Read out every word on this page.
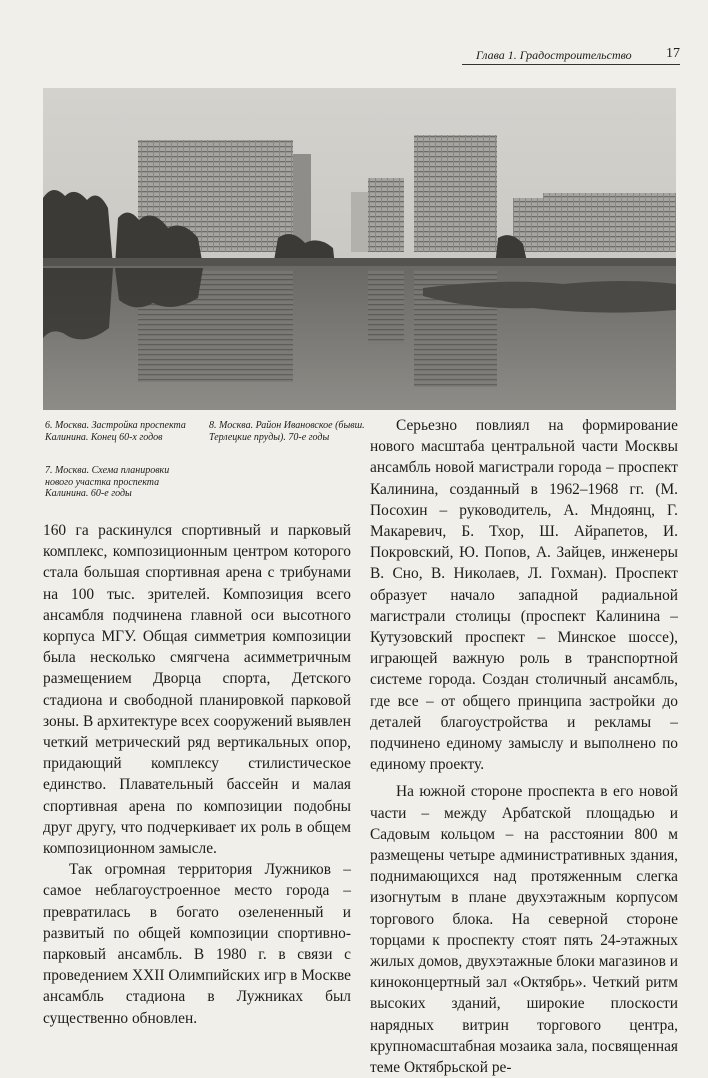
Глава 1. Градостроительство 17
6. Москва. Застройка проспекта Калинина. Конец 60-х годов
8. Москва. Район Ивановское (бывш. Терлецкие пруды). 70-е годы
7. Москва. Схема планировки нового участка проспекта Калинина. 60-е годы

160 га раскинулся спортивный и парковый комплекс, композиционным центром которого стала большая спортивная арена с трибунами на 100 тыс. зрителей. Композиция всего ансамбля подчинена главной оси высотного корпуса МГУ. Общая симметрия композиции была несколько смягчена асимметричным размещением Дворца спорта, Детского стадиона и свободной планировкой парковой зоны. В архитектуре всех сооружений выявлен четкий метрический ряд вертикальных опор, придающий комплексу стилистическое единство. Плавательный бассейн и малая спортивная арена по композиции подобны друг другу, что подчеркивает их роль в общем композиционном замысле.

Так огромная территория Лужников – самое неблагоустроенное место города – превратилась в богато озелененный и развитый по общей композиции спортивно-парковый ансамбль. В 1980 г. в связи с проведением XXII Олимпийских игр в Москве ансамбль стадиона в Лужниках был существенно обновлен.

Серьезно повлиял на формирование нового масштаба центральной части Москвы ансамбль новой магистрали города – проспект Калинина, созданный в 1962–1968 гг. (М. Посохин – руководитель, А. Мндоянц, Г. Макаревич, Б. Тхор, Ш. Айрапетов, И. Покровский, Ю. Попов, А. Зайцев, инженеры В. Сно, В. Николаев, Л. Гохман). Проспект образует начало западной радиальной магистрали столицы (проспект Калинина – Кутузовский проспект – Минское шоссе), играющей важную роль в транспортной системе города. Создан столичный ансамбль, где все – от общего принципа застройки до деталей благоустройства и рекламы – подчинено единому замыслу и выполнено по единому проекту.

На южной стороне проспекта в его новой части – между Арбатской площадью и Садовым кольцом – на расстоянии 800 м размещены четыре административных здания, поднимающихся над протяженным слегка изогнутым в плане двухэтажным корпусом торгового блока. На северной стороне торцами к проспекту стоят пять 24-этажных жилых домов, двухэтажные блоки магазинов и киноконцертный зал «Октябрь». Четкий ритм высоких зданий, широкие плоскости нарядных витрин торгового центра, крупномасштабная мозаика зала, посвященная теме Октябрьской ре-
